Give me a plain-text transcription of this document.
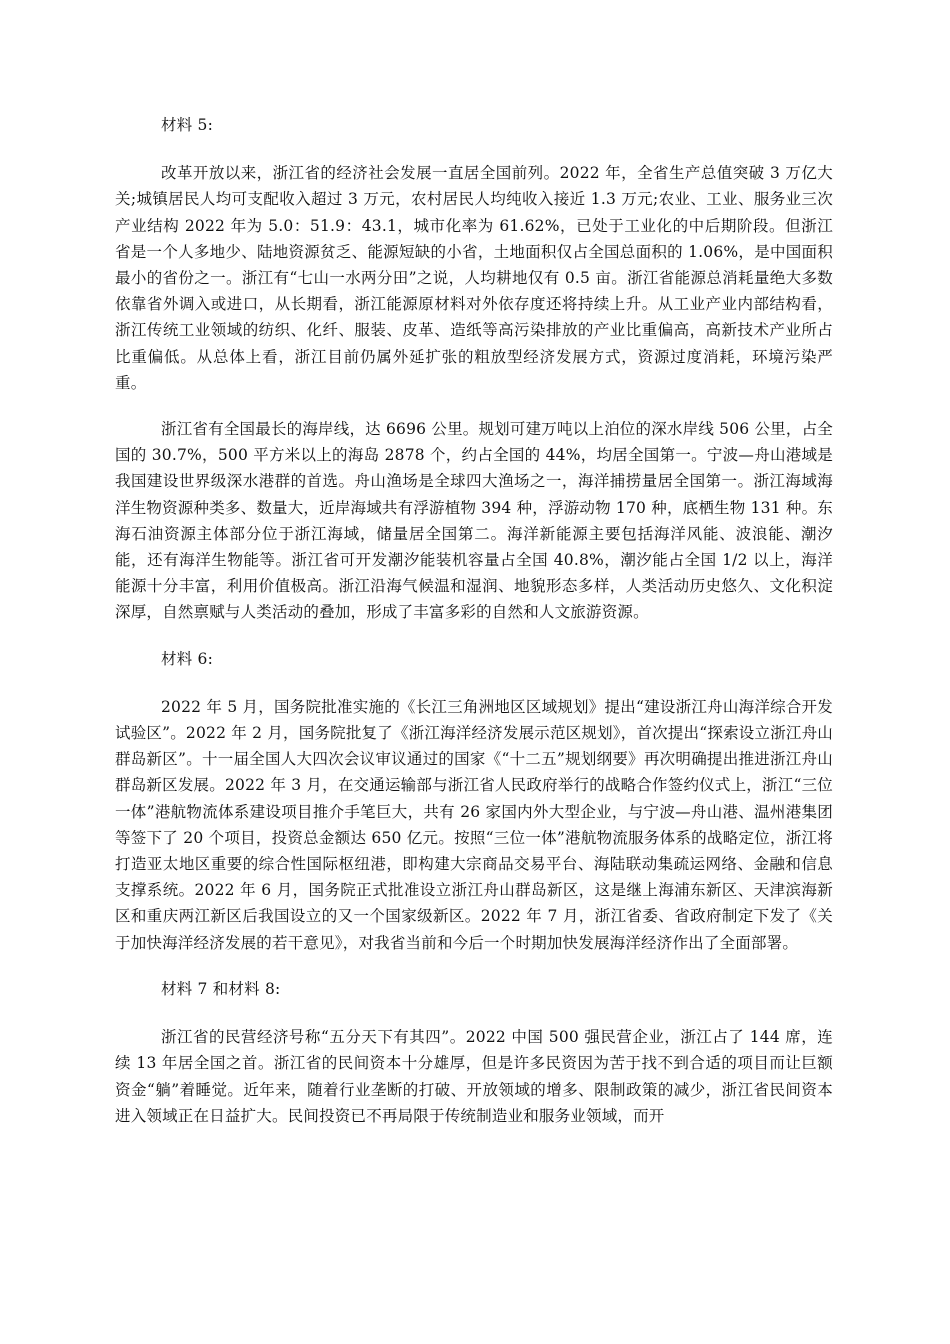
材料 5:

改革开放以来，浙江省的经济社会发展一直居全国前列。2022 年，全省生产总值突破 3 万亿大关;城镇居民人均可支配收入超过 3 万元，农村居民人均纯收入接近 1.3 万元;农业、工业、服务业三次产业结构 2022 年为 5.0：51.9：43.1，城市化率为 61.62%，已处于工业化的中后期阶段。但浙江省是一个人多地少、陆地资源贫乏、能源短缺的小省，土地面积仅占全国总面积的 1.06%，是中国面积最小的省份之一。浙江有“七山一水两分田”之说，人均耕地仅有 0.5 亩。浙江省能源总消耗量绝大多数依靠省外调入或进口，从长期看，浙江能源原材料对外依存度还将持续上升。从工业产业内部结构看，浙江传统工业领域的纺织、化纤、服装、皮革、造纸等高污染排放的产业比重偏高，高新技术产业所占比重偏低。从总体上看，浙江目前仍属外延扩张的粗放型经济发展方式，资源过度消耗，环境污染严重。

浙江省有全国最长的海岸线，达 6696 公里。规划可建万吨以上泊位的深水岸线 506 公里，占全国的 30.7%，500 平方米以上的海岛 2878 个，约占全国的 44%，均居全国第一。宁波—舟山港域是我国建设世界级深水港群的首选。舟山渔场是全球四大渔场之一，海洋捕捞量居全国第一。浙江海域海洋生物资源种类多、数量大，近岸海域共有浮游植物 394 种，浮游动物 170 种，底栖生物 131 种。东海石油资源主体部分位于浙江海域，储量居全国第二。海洋新能源主要包括海洋风能、波浪能、潮汐能，还有海洋生物能等。浙江省可开发潮汐能装机容量占全国 40.8%，潮汐能占全国 1/2 以上，海洋能源十分丰富，利用价值极高。浙江沿海气候温和湿润、地貌形态多样，人类活动历史悠久、文化积淀深厚，自然禀赋与人类活动的叠加，形成了丰富多彩的自然和人文旅游资源。

材料 6:

2022 年 5 月，国务院批准实施的《长江三角洲地区区域规划》提出“建设浙江舟山海洋综合开发试验区”。2022 年 2 月，国务院批复了《浙江海洋经济发展示范区规划》，首次提出“探索设立浙江舟山群岛新区”。十一届全国人大四次会议审议通过的国家《“十二五”规划纲要》再次明确提出推进浙江舟山群岛新区发展。2022 年 3 月，在交通运输部与浙江省人民政府举行的战略合作签约仪式上，浙江“三位一体”港航物流体系建设项目推介手笔巨大，共有 26 家国内外大型企业，与宁波—舟山港、温州港集团等签下了 20 个项目，投资总金额达 650 亿元。按照“三位一体”港航物流服务体系的战略定位，浙江将打造亚太地区重要的综合性国际枢纽港，即构建大宗商品交易平台、海陆联动集疏运网络、金融和信息支撑系统。2022 年 6 月，国务院正式批准设立浙江舟山群岛新区，这是继上海浦东新区、天津滨海新区和重庆两江新区后我国设立的又一个国家级新区。2022 年 7 月，浙江省委、省政府制定下发了《关于加快海洋经济发展的若干意见》，对我省当前和今后一个时期加快发展海洋经济作出了全面部署。

材料 7 和材料 8:

浙江省的民营经济号称“五分天下有其四”。2022 中国 500 强民营企业，浙江占了 144 席，连续 13 年居全国之首。浙江省的民间资本十分雄厚，但是许多民资因为苦于找不到合适的项目而让巨额资金“躺”着睡觉。近年来，随着行业垄断的打破、开放领域的增多、限制政策的减少，浙江省民间资本进入领域正在日益扩大。民间投资已不再局限于传统制造业和服务业领域，而开
